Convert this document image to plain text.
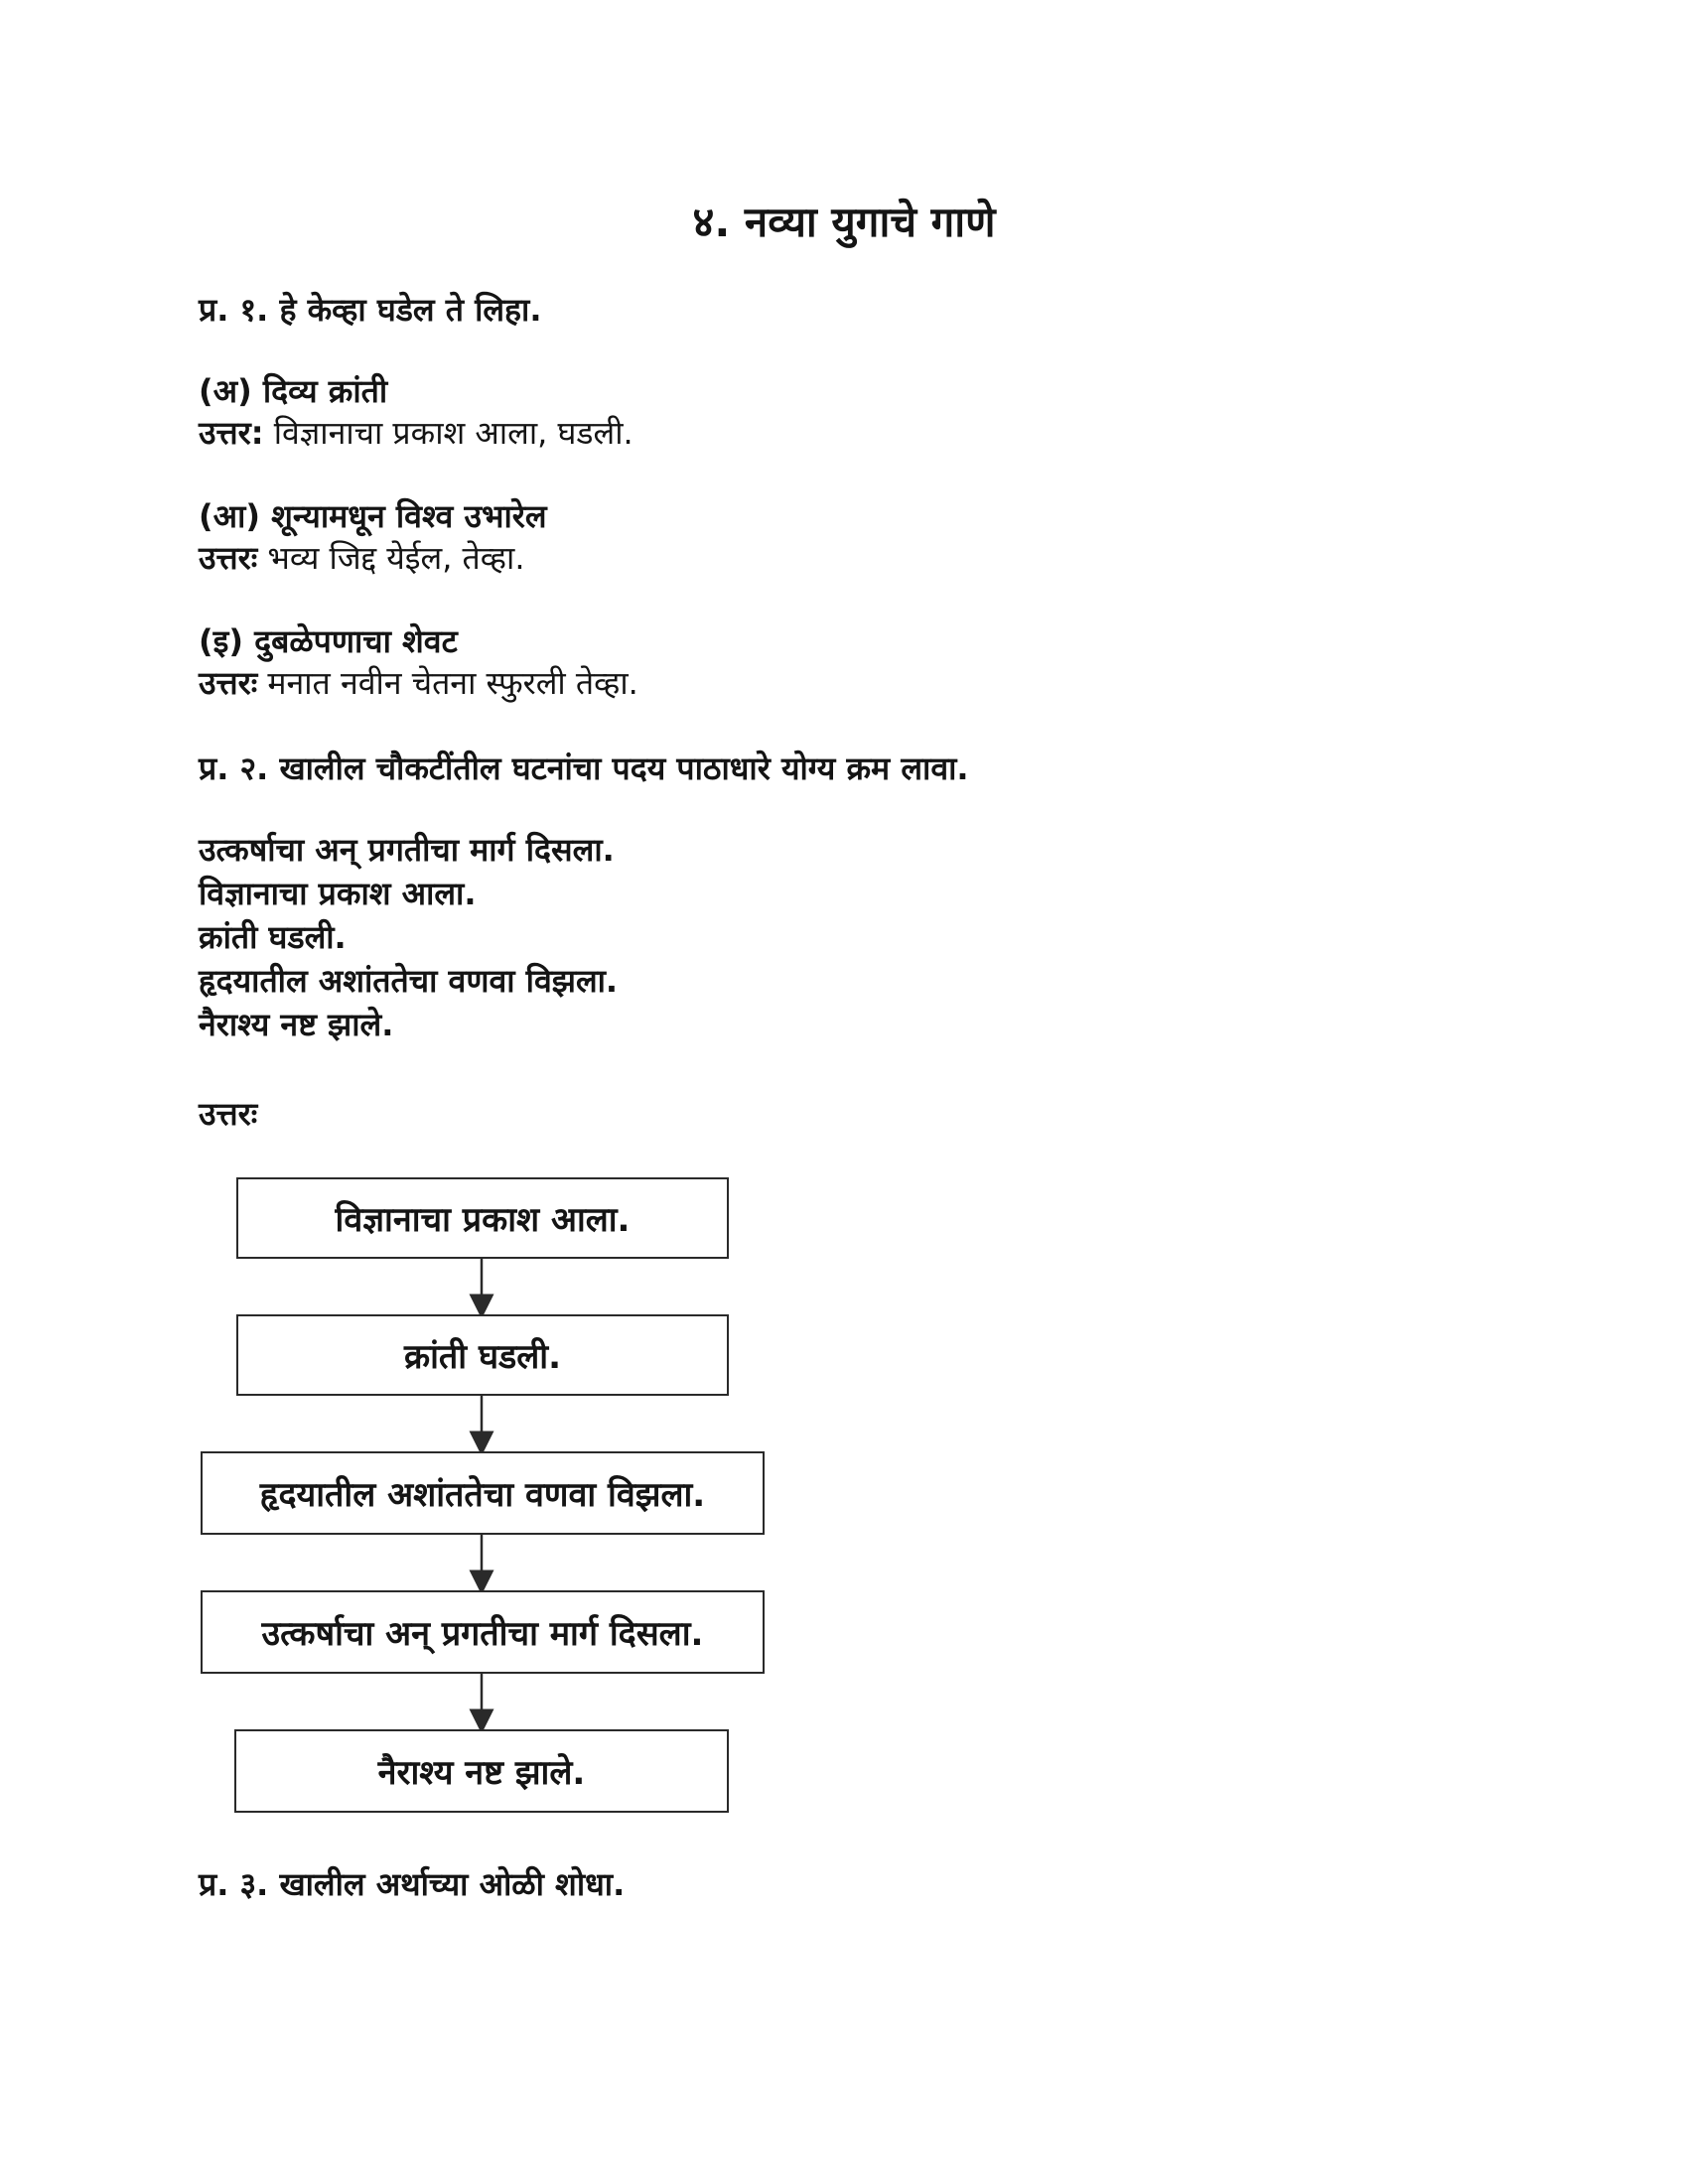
४. नव्या युगाचे गाणे
प्र. १. हे केव्हा घडेल ते लिहा.
(अ) दिव्य क्रांती
उत्तर: विज्ञानाचा प्रकाश आला, घडली.
(आ) शून्यामधून विश्व उभारेल
उत्तरः भव्य जिद्द येईल, तेव्हा.
(इ) दुबळेपणाचा शेवट
उत्तरः मनात नवीन चेतना स्फुरली तेव्हा.
प्र. २. खालील चौकटींतील घटनांचा पदय पाठाधारे योग्य क्रम लावा.
उत्कर्षाचा अन् प्रगतीचा मार्ग दिसला.
विज्ञानाचा प्रकाश आला.
क्रांती घडली.
हृदयातील अशांततेचा वणवा विझला.
नैराश्य नष्ट झाले.
उत्तरः
विज्ञानाचा प्रकाश आला.
क्रांती घडली.
हृदयातील अशांततेचा वणवा विझला.
उत्कर्षाचा अन् प्रगतीचा मार्ग दिसला.
नैराश्य नष्ट झाले.
प्र. ३. खालील अर्थाच्या ओळी शोधा.
